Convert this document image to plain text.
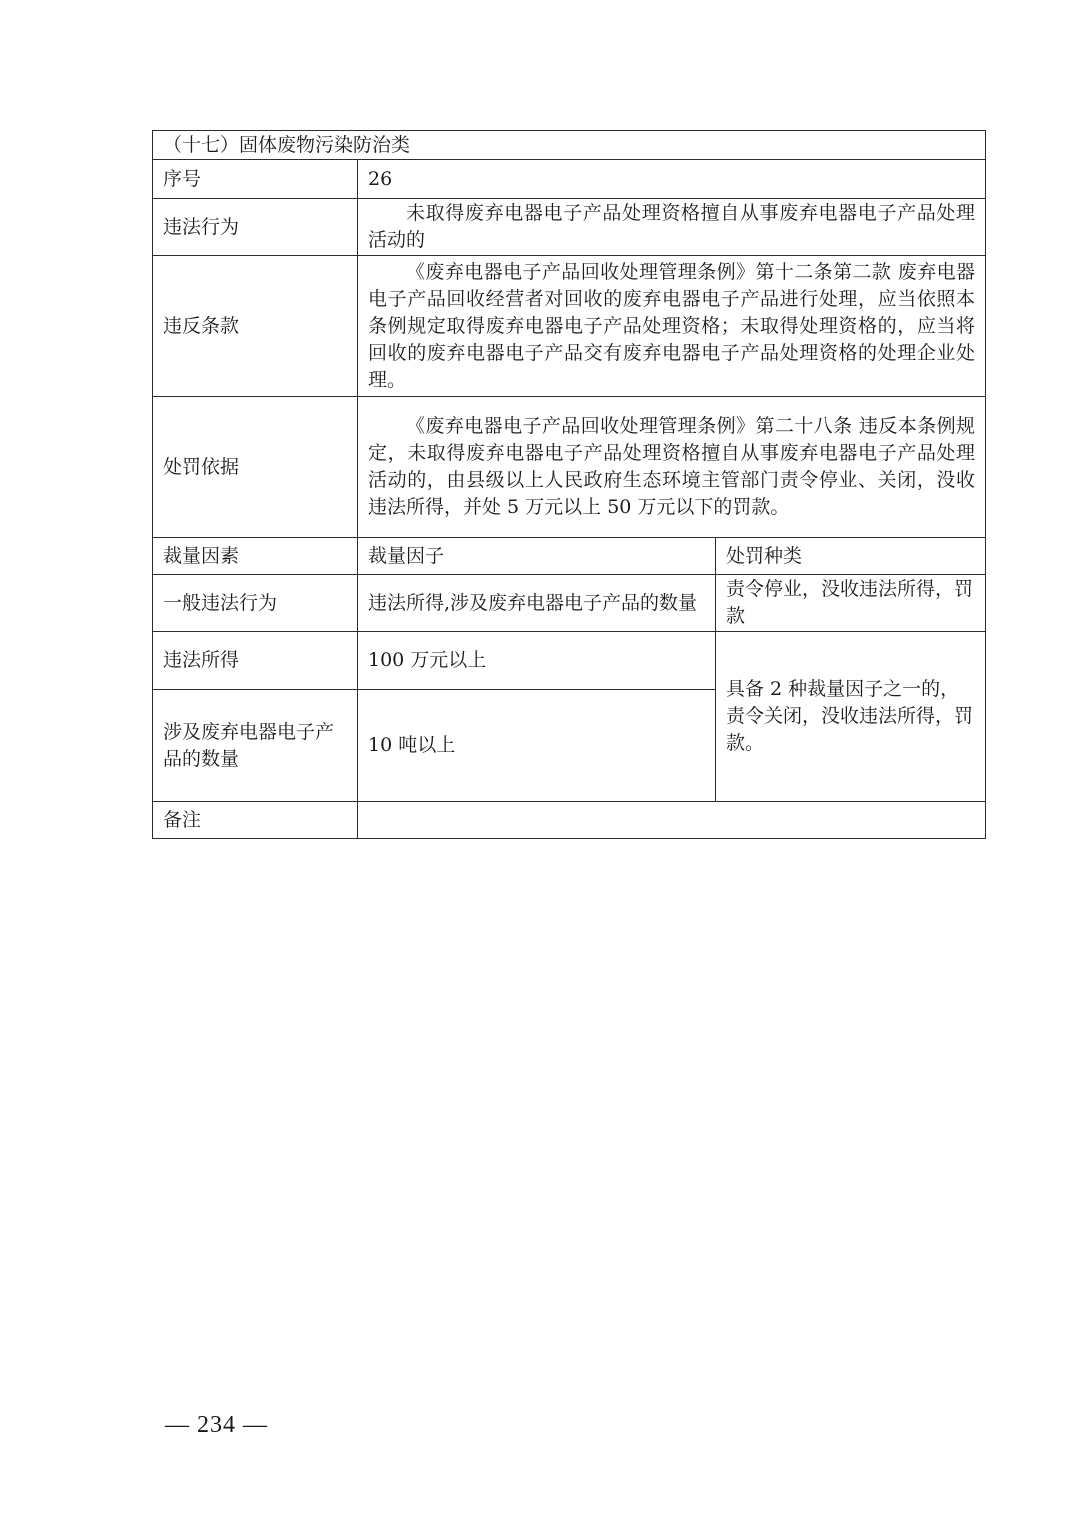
（十七）固体废物污染防治类		
序号	26	
违法行为	未取得废弃电器电子产品处理资格擅自从事废弃电器电子产品处理活动的	
违反条款	《废弃电器电子产品回收处理管理条例》第十二条第二款 废弃电器电子产品回收经营者对回收的废弃电器电子产品进行处理，应当依照本条例规定取得废弃电器电子产品处理资格；未取得处理资格的，应当将回收的废弃电器电子产品交有废弃电器电子产品处理资格的处理企业处理。	
处罚依据	《废弃电器电子产品回收处理管理条例》第二十八条 违反本条例规定，未取得废弃电器电子产品处理资格擅自从事废弃电器电子产品处理活动的，由县级以上人民政府生态环境主管部门责令停业、关闭，没收违法所得，并处 5 万元以上 50 万元以下的罚款。	
裁量因素	裁量因子	处罚种类
一般违法行为	违法所得,涉及废弃电器电子产品的数量	责令停业，没收违法所得，罚款
违法所得	100 万元以上	具备 2 种裁量因子之一的，责令关闭，没收违法所得，罚款。
涉及废弃电器电子产品的数量	10 吨以上	
备注		
— 234 —
